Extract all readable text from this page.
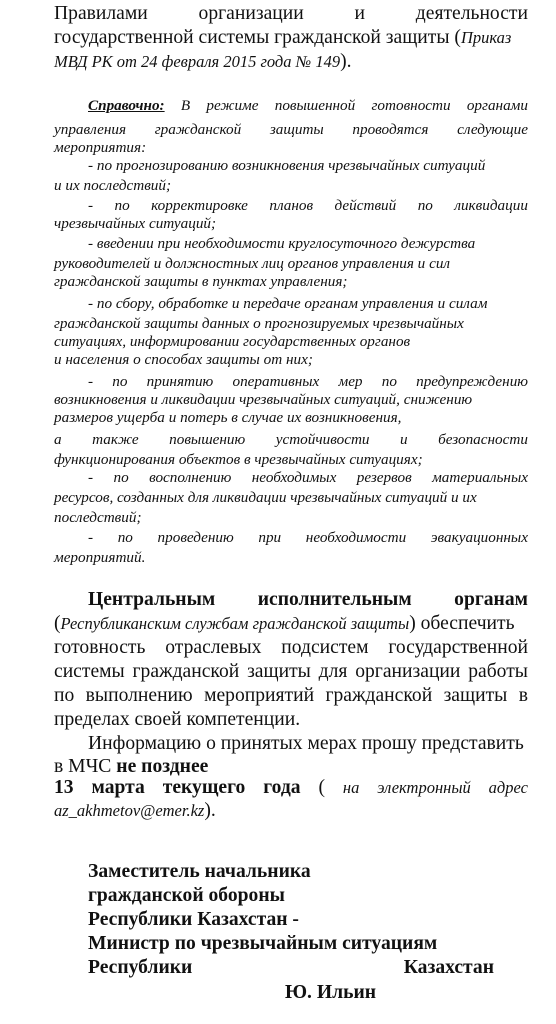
Правилами	организации	и	деятельности
государственной системы гражданской защиты (Приказ
МВД РК от 24 февраля 2015 года № 149).
Справочно: В режиме повышенной готовности органами
управления гражданской защиты проводятся следующие
мероприятия:
- по прогнозированию возникновения чрезвычайных ситуаций
и их последствий;
- по корректировке планов действий по ликвидации
чрезвычайных ситуаций;
- введении при необходимости круглосуточного дежурства
руководителей и должностных лиц органов управления и сил
гражданской защиты в пунктах управления;
- по сбору, обработке и передаче органам управления и силам
гражданской защиты данных о прогнозируемых чрезвычайных
ситуациях, информировании государственных органов
и населения о способах защиты от них;
- по принятию оперативных мер по предупреждению
возникновения и ликвидации чрезвычайных ситуаций, снижению
размеров ущерба и потерь в случае их возникновения,
а также повышению устойчивости и безопасности
функционирования объектов в чрезвычайных ситуациях;
- по восполнению необходимых резервов материальных
ресурсов, созданных для ликвидации чрезвычайных ситуаций и их
последствий;
- по проведению при необходимости эвакуационных
мероприятий.
Центральным исполнительным органам
(Республиканским службам гражданской защиты) обеспечить
готовность отраслевых подсистем государственной
системы гражданской защиты для организации работы
по выполнению мероприятий гражданской защиты в
пределах своей компетенции.
Информацию о принятых мерах прошу представить
в МЧС не позднее
13 марта текущего года ( на электронный адрес
az_akhmetov@emer.kz).
Заместитель начальника
гражданской обороны
Республики Казахстан -
Министр по чрезвычайным ситуациям
Республики	Казахстан
Ю. Ильин
